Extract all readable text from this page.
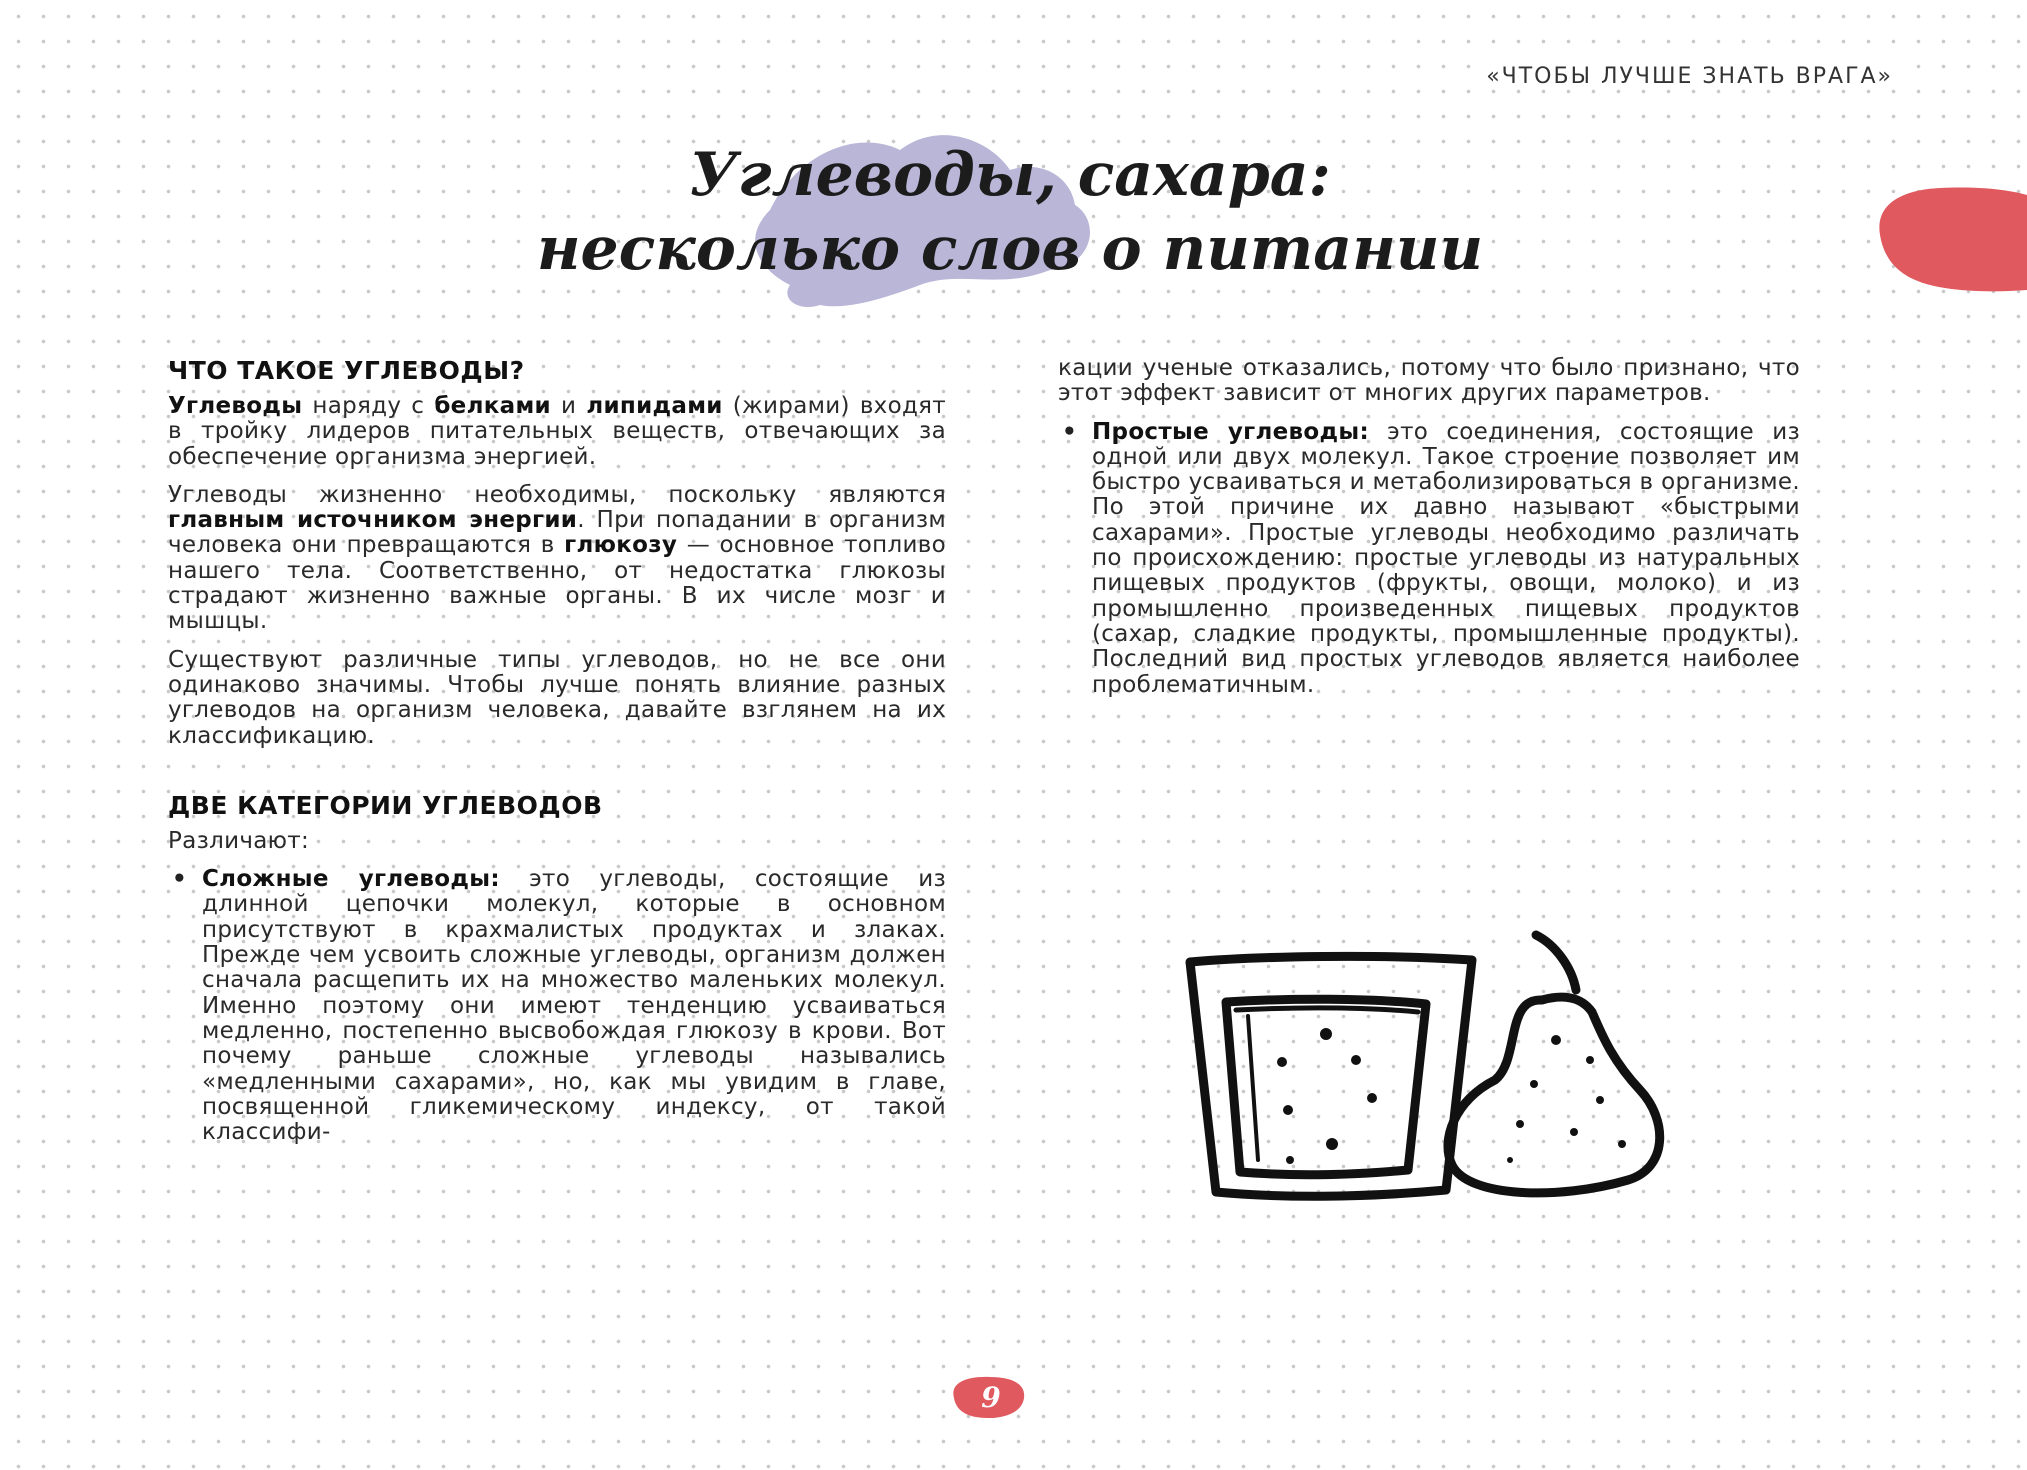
«ЧТОБЫ ЛУЧШЕ ЗНАТЬ ВРАГА»
Углеводы, сахара:
несколько слов о питании
ЧТО ТАКОЕ УГЛЕВОДЫ?

Углеводы наряду с белками и липидами (жирами) входят в тройку лидеров питательных веществ, отвечающих за обеспечение организма энергией.

Углеводы жизненно необходимы, поскольку являются главным источником энергии. При попадании в организм человека они превращаются в глюкозу — основное топливо нашего тела. Соответственно, от недостатка глюкозы страдают жизненно важные органы. В их числе мозг и мышцы.

Существуют различные типы углеводов, но не все они одинаково значимы. Чтобы лучше понять влияние разных углеводов на организм человека, давайте взглянем на их классификацию.

ДВЕ КАТЕГОРИИ УГЛЕВОДОВ

Различают:

• Сложные углеводы: это углеводы, состоящие из длинной цепочки молекул, которые в основном присутствуют в крахмалистых продуктах и злаках. Прежде чем усвоить сложные углеводы, организм должен сначала расщепить их на множество маленьких молекул. Именно поэтому они имеют тенденцию усваиваться медленно, постепенно высвобождая глюкозу в крови. Вот почему раньше сложные углеводы назывались «медленными сахарами», но, как мы увидим в главе, посвященной гликемическому индексу, от такой классифи-

кации ученые отказались, потому что было признано, что этот эффект зависит от многих других параметров.

• Простые углеводы: это соединения, состоящие из одной или двух молекул. Такое строение позволяет им быстро усваиваться и метаболизироваться в организме. По этой причине их давно называют «быстрыми сахарами». Простые углеводы необходимо различать по происхождению: простые углеводы из натуральных пищевых продуктов (фрукты, овощи, молоко) и из промышленно произведенных пищевых продуктов (сахар, сладкие продукты, промышленные продукты). Последний вид простых углеводов является наиболее проблематичным.

9
